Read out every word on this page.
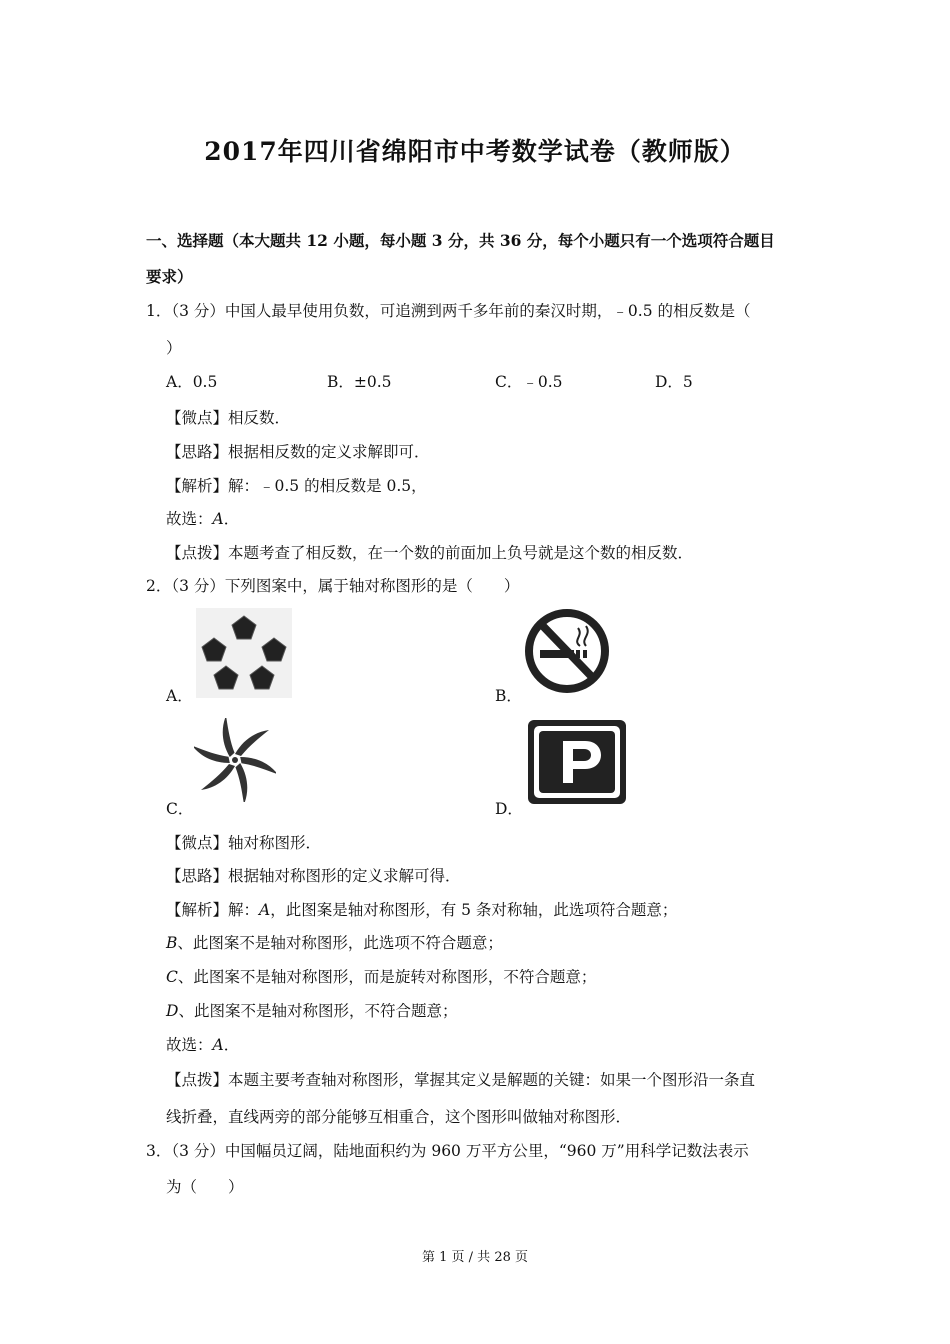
2017年四川省绵阳市中考数学试卷（教师版）
一、选择题（本大题共 12 小题，每小题 3 分，共 36 分，每个小题只有一个选项符合题目
要求）
1．（3 分）中国人最早使用负数，可追溯到两千多年前的秦汉时期，﹣0.5 的相反数是（
）
A．0.5	B．±0.5	C．﹣0.5	D．5
【微点】相反数．
【思路】根据相反数的定义求解即可．
【解析】解：﹣0.5 的相反数是 0.5，
故选：A．
【点拨】本题考查了相反数，在一个数的前面加上负号就是这个数的相反数．
2．（3 分）下列图案中，属于轴对称图形的是（　　）
A．	B．
C．	D．
【微点】轴对称图形．
【思路】根据轴对称图形的定义求解可得．
【解析】解：A，此图案是轴对称图形，有 5 条对称轴，此选项符合题意；
B、此图案不是轴对称图形，此选项不符合题意；
C、此图案不是轴对称图形，而是旋转对称图形，不符合题意；
D、此图案不是轴对称图形，不符合题意；
故选：A．
【点拨】本题主要考查轴对称图形，掌握其定义是解题的关键：如果一个图形沿一条直
线折叠，直线两旁的部分能够互相重合，这个图形叫做轴对称图形．
3．（3 分）中国幅员辽阔，陆地面积约为 960 万平方公里，“960 万”用科学记数法表示
为（　　）
第 1 页 / 共 28 页
